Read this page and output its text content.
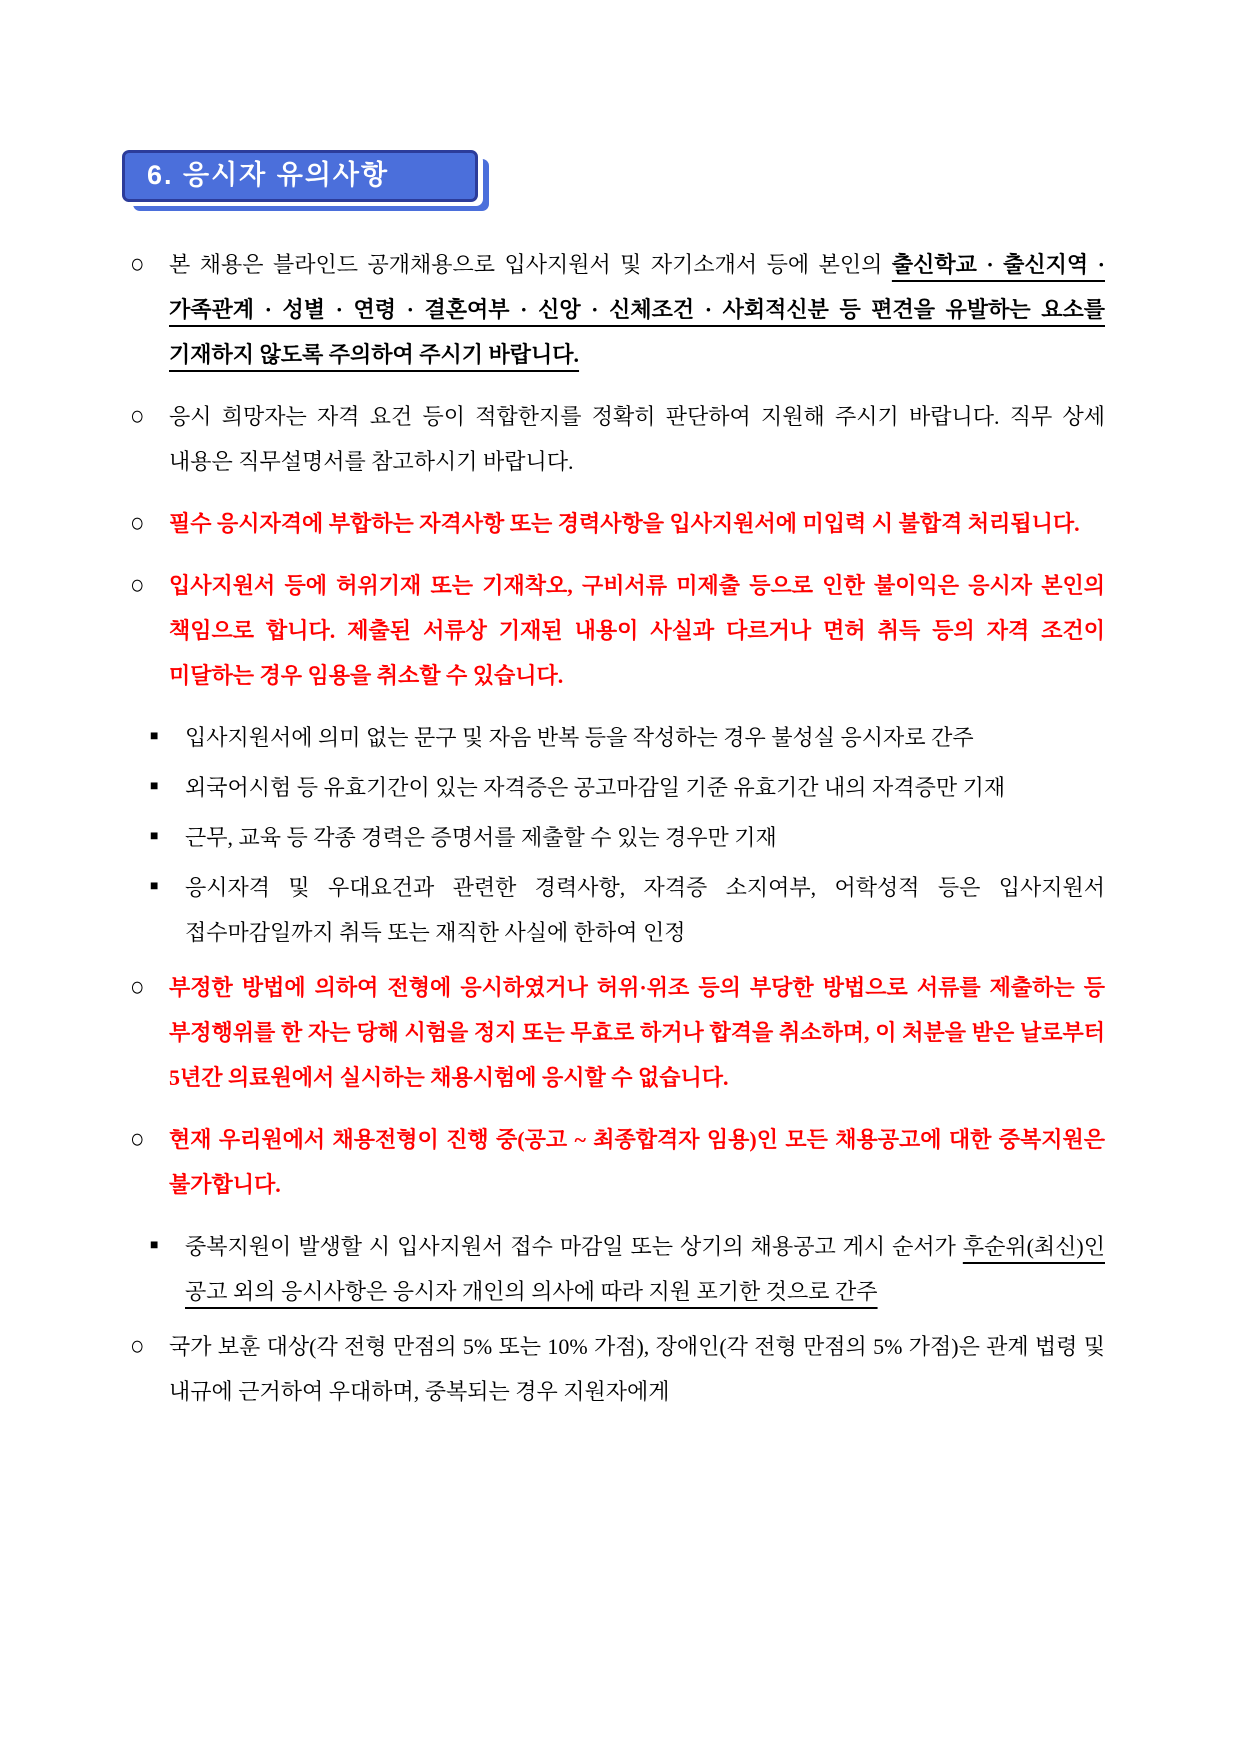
6. 응시자 유의사항
○ 본 채용은 블라인드 공개채용으로 입사지원서 및 자기소개서 등에 본인의 출신학교 · 출신지역 · 가족관계 · 성별 · 연령 · 결혼여부 · 신앙 · 신체조건 · 사회적신분 등 편견을 유발하는 요소를 기재하지 않도록 주의하여 주시기 바랍니다.
○ 응시 희망자는 자격 요건 등이 적합한지를 정확히 판단하여 지원해 주시기 바랍니다. 직무 상세 내용은 직무설명서를 참고하시기 바랍니다.
○ 필수 응시자격에 부합하는 자격사항 또는 경력사항을 입사지원서에 미입력 시 불합격 처리됩니다.
○ 입사지원서 등에 허위기재 또는 기재착오, 구비서류 미제출 등으로 인한 불이익은 응시자 본인의 책임으로 합니다. 제출된 서류상 기재된 내용이 사실과 다르거나 면허 취득 등의 자격 조건이 미달하는 경우 임용을 취소할 수 있습니다.
■ 입사지원서에 의미 없는 문구 및 자음 반복 등을 작성하는 경우 불성실 응시자로 간주
■ 외국어시험 등 유효기간이 있는 자격증은 공고마감일 기준 유효기간 내의 자격증만 기재
■ 근무, 교육 등 각종 경력은 증명서를 제출할 수 있는 경우만 기재
■ 응시자격 및 우대요건과 관련한 경력사항, 자격증 소지여부, 어학성적 등은 입사지원서 접수마감일까지 취득 또는 재직한 사실에 한하여 인정
○ 부정한 방법에 의하여 전형에 응시하였거나 허위·위조 등의 부당한 방법으로 서류를 제출하는 등 부정행위를 한 자는 당해 시험을 정지 또는 무효로 하거나 합격을 취소하며, 이 처분을 받은 날로부터 5년간 의료원에서 실시하는 채용시험에 응시할 수 없습니다.
○ 현재 우리원에서 채용전형이 진행 중(공고 ~ 최종합격자 임용)인 모든 채용공고에 대한 중복지원은 불가합니다.
■ 중복지원이 발생할 시 입사지원서 접수 마감일 또는 상기의 채용공고 게시 순서가 후순위(최신)인 공고 외의 응시사항은 응시자 개인의 의사에 따라 지원 포기한 것으로 간주
○ 국가 보훈 대상(각 전형 만점의 5% 또는 10% 가점), 장애인(각 전형 만점의 5% 가점)은 관계 법령 및 내규에 근거하여 우대하며, 중복되는 경우 지원자에게
